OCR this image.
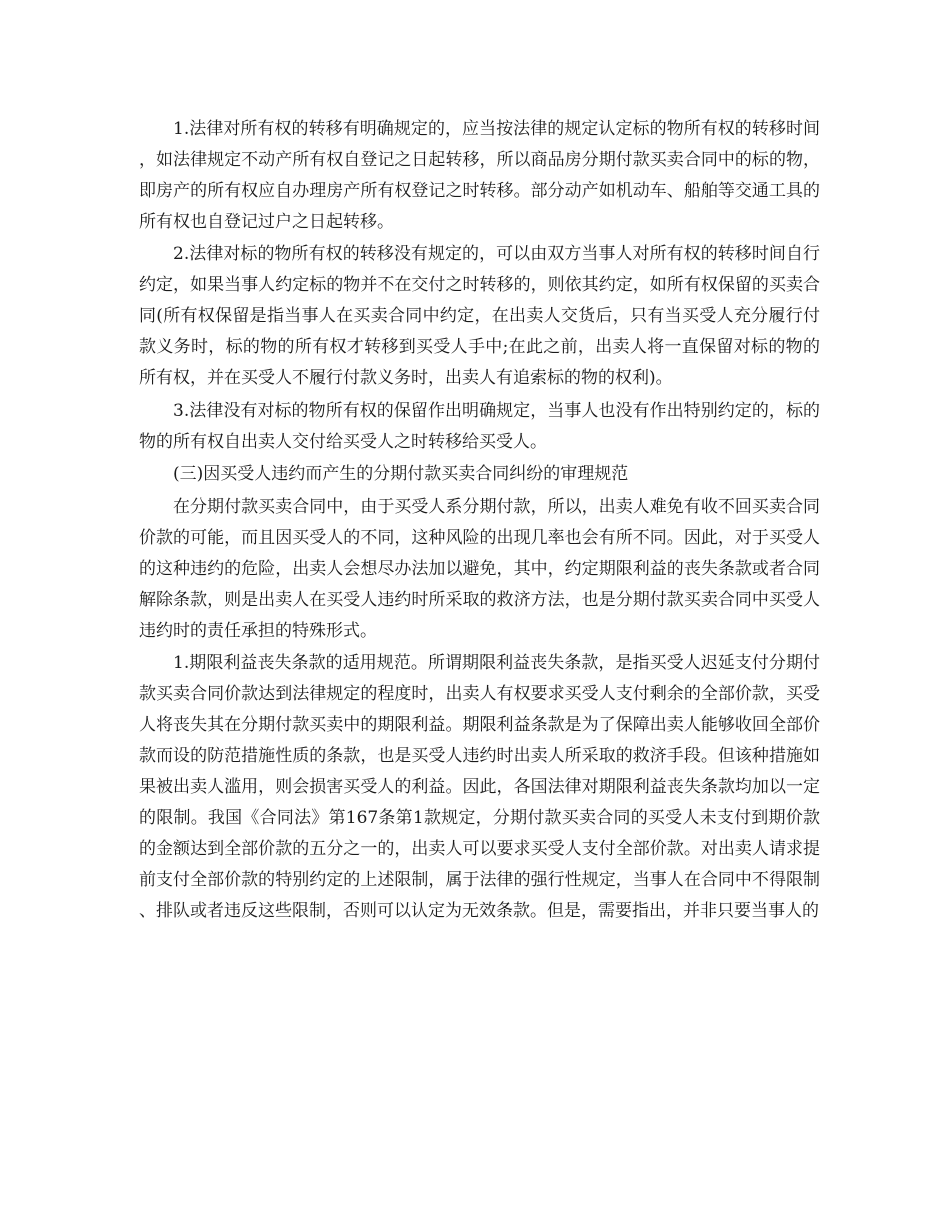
1.法律对所有权的转移有明确规定的，应当按法律的规定认定标的物所有权的转移时间，如法律规定不动产所有权自登记之日起转移，所以商品房分期付款买卖合同中的标的物，即房产的所有权应自办理房产所有权登记之时转移。部分动产如机动车、船舶等交通工具的所有权也自登记过户之日起转移。

2.法律对标的物所有权的转移没有规定的，可以由双方当事人对所有权的转移时间自行约定，如果当事人约定标的物并不在交付之时转移的，则依其约定，如所有权保留的买卖合同(所有权保留是指当事人在买卖合同中约定，在出卖人交货后，只有当买受人充分履行付款义务时，标的物的所有权才转移到买受人手中;在此之前，出卖人将一直保留对标的物的所有权，并在买受人不履行付款义务时，出卖人有追索标的物的权利)。

3.法律没有对标的物所有权的保留作出明确规定，当事人也没有作出特别约定的，标的物的所有权自出卖人交付给买受人之时转移给买受人。

(三)因买受人违约而产生的分期付款买卖合同纠纷的审理规范

在分期付款买卖合同中，由于买受人系分期付款，所以，出卖人难免有收不回买卖合同价款的可能，而且因买受人的不同，这种风险的出现几率也会有所不同。因此，对于买受人的这种违约的危险，出卖人会想尽办法加以避免，其中，约定期限利益的丧失条款或者合同解除条款，则是出卖人在买受人违约时所采取的救济方法，也是分期付款买卖合同中买受人违约时的责任承担的特殊形式。

1.期限利益丧失条款的适用规范。所谓期限利益丧失条款，是指买受人迟延支付分期付款买卖合同价款达到法律规定的程度时，出卖人有权要求买受人支付剩余的全部价款，买受人将丧失其在分期付款买卖中的期限利益。期限利益条款是为了保障出卖人能够收回全部价款而设的防范措施性质的条款，也是买受人违约时出卖人所采取的救济手段。但该种措施如果被出卖人滥用，则会损害买受人的利益。因此，各国法律对期限利益丧失条款均加以一定的限制。我国《合同法》第167条第1款规定，分期付款买卖合同的买受人未支付到期价款的金额达到全部价款的五分之一的，出卖人可以要求买受人支付全部价款。对出卖人请求提前支付全部价款的特别约定的上述限制，属于法律的强行性规定，当事人在合同中不得限制、排队或者违反这些限制，否则可以认定为无效条款。但是，需要指出，并非只要当事人的
